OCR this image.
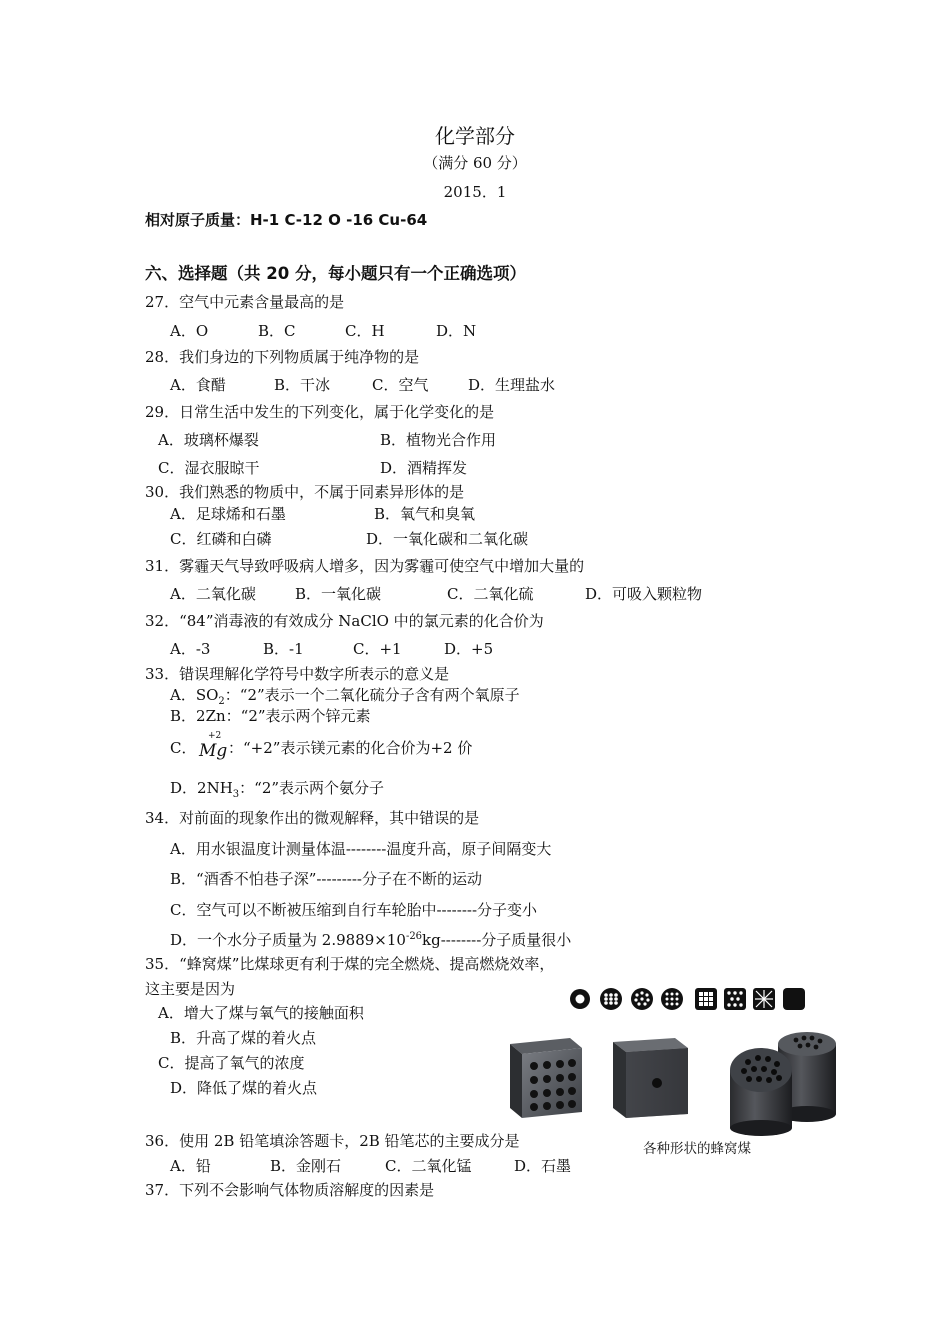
化学部分
（满分 60 分）
2015．1
相对原子质量：H-1 C-12 O -16 Cu-64
六、选择题（共 20 分，每小题只有一个正确选项）
27．空气中元素含量最高的是
A．O	B．C	C．H	D．N
28．我们身边的下列物质属于纯净物的是
A．食醋	B．干冰	C．空气	D．生理盐水
29．日常生活中发生的下列变化，属于化学变化的是
A．玻璃杯爆裂	B．植物光合作用
C．湿衣服晾干	D．酒精挥发
30．我们熟悉的物质中，不属于同素异形体的是
A．足球烯和石墨	B．氧气和臭氧
C．红磷和白磷	D．一氧化碳和二氧化碳
31．雾霾天气导致呼吸病人增多，因为雾霾可使空气中增加大量的
A．二氧化碳	B．一氧化碳	C．二氧化硫	D．可吸入颗粒物
32．“84”消毒液的有效成分 NaClO 中的氯元素的化合价为
A．-3	B．-1	C．+1	D．+5
33．错误理解化学符号中数字所表示的意义是
A．$SO_2$：“2”表示一个二氧化硫分子含有两个氧原子
B．2Zn：“2”表示两个锌元素
C．
+2
Mg ：“+2”表示镁元素的化合价为+2 价
D．$2NH_3$：“2”表示两个氨分子
34．对前面的现象作出的微观解释，其中错误的是
A．用水银温度计测量体温--------温度升高，原子间隔变大
B．“酒香不怕巷子深”---------分子在不断的运动
C．空气可以不断被压缩到自行车轮胎中--------分子变小
D．一个水分子质量为 $2.9889\times 10^{-26}kg--------$分子质量很小
35．“蜂窝煤”比煤球更有利于煤的完全燃烧、提高燃烧效率，
这主要是因为
A．增大了煤与氧气的接触面积
B．升高了煤的着火点
C．提高了氧气的浓度
D．降低了煤的着火点
各种形状的蜂窝煤
36．使用 2B 铅笔填涂答题卡，2B 铅笔芯的主要成分是
A．铅	B．金刚石	C．二氧化锰	D．石墨
37．下列不会影响气体物质溶解度的因素是
